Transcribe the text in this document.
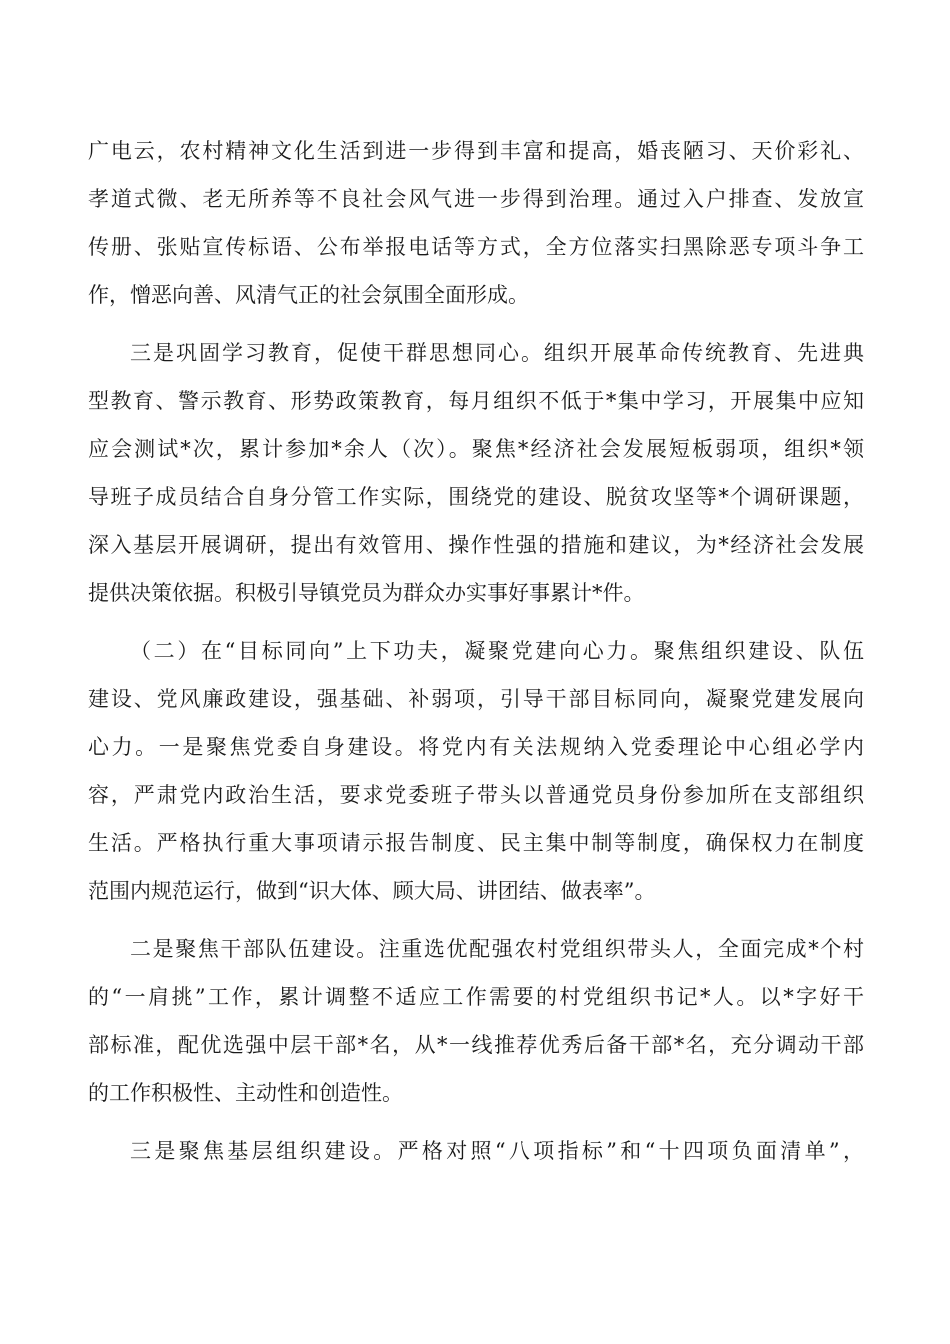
广电云，农村精神文化生活到进一步得到丰富和提高，婚丧陋习、天价彩礼、
孝道式微、老无所养等不良社会风气进一步得到治理。通过入户排查、发放宣
传册、张贴宣传标语、公布举报电话等方式，全方位落实扫黑除恶专项斗争工
作，憎恶向善、风清气正的社会氛围全面形成。
三是巩固学习教育，促使干群思想同心。组织开展革命传统教育、先进典
型教育、警示教育、形势政策教育，每月组织不低于*集中学习，开展集中应知
应会测试*次，累计参加*余人（次）。聚焦*经济社会发展短板弱项，组织*领
导班子成员结合自身分管工作实际，围绕党的建设、脱贫攻坚等*个调研课题，
深入基层开展调研，提出有效管用、操作性强的措施和建议，为*经济社会发展
提供决策依据。积极引导镇党员为群众办实事好事累计*件。
（二）在“目标同向”上下功夫，凝聚党建向心力。聚焦组织建设、队伍
建设、党风廉政建设，强基础、补弱项，引导干部目标同向，凝聚党建发展向
心力。一是聚焦党委自身建设。将党内有关法规纳入党委理论中心组必学内
容，严肃党内政治生活，要求党委班子带头以普通党员身份参加所在支部组织
生活。严格执行重大事项请示报告制度、民主集中制等制度，确保权力在制度
范围内规范运行，做到“识大体、顾大局、讲团结、做表率”。
二是聚焦干部队伍建设。注重选优配强农村党组织带头人，全面完成*个村
的“一肩挑”工作，累计调整不适应工作需要的村党组织书记*人。以*字好干
部标准，配优选强中层干部*名，从*一线推荐优秀后备干部*名，充分调动干部
的工作积极性、主动性和创造性。
三是聚焦基层组织建设。严格对照“八项指标”和“十四项负面清单”，
